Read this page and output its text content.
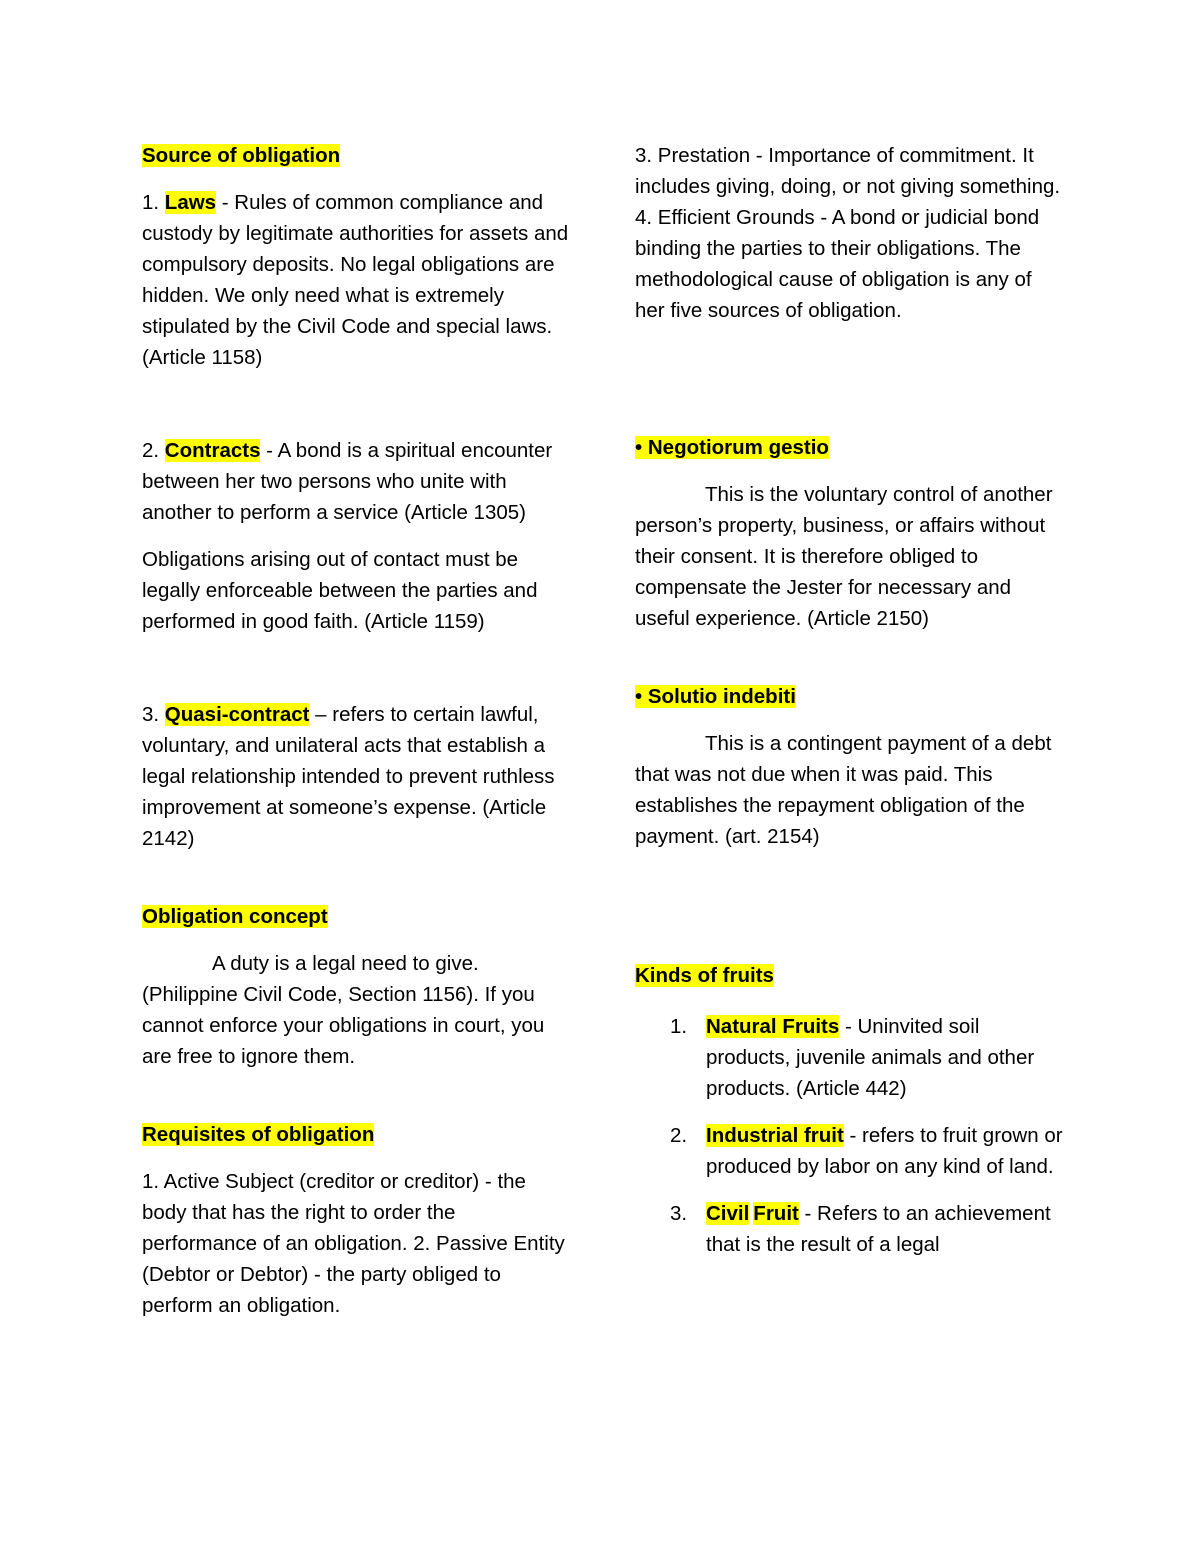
Source of obligation

1. Laws - Rules of common compliance and custody by legitimate authorities for assets and compulsory deposits. No legal obligations are hidden. We only need what is extremely stipulated by the Civil Code and special laws. (Article 1158)

2. Contracts - A bond is a spiritual encounter between her two persons who unite with another to perform a service (Article 1305)

Obligations arising out of contact must be legally enforceable between the parties and performed in good faith. (Article 1159)

3. Quasi-contract – refers to certain lawful, voluntary, and unilateral acts that establish a legal relationship intended to prevent ruthless improvement at someone’s expense. (Article 2142)

Obligation concept

A duty is a legal need to give. (Philippine Civil Code, Section 1156). If you cannot enforce your obligations in court, you are free to ignore them.

Requisites of obligation

1. Active Subject (creditor or creditor) - the body that has the right to order the performance of an obligation. 2. Passive Entity (Debtor or Debtor) - the party obliged to perform an obligation.

3. Prestation - Importance of commitment. It includes giving, doing, or not giving something. 4. Efficient Grounds - A bond or judicial bond binding the parties to their obligations. The methodological cause of obligation is any of her five sources of obligation.

• Negotiorum gestio

This is the voluntary control of another person’s property, business, or affairs without their consent. It is therefore obliged to compensate the Jester for necessary and useful experience. (Article 2150)

• Solutio indebiti

This is a contingent payment of a debt that was not due when it was paid. This establishes the repayment obligation of the payment. (art. 2154)

Kinds of fruits

1. Natural Fruits - Uninvited soil products, juvenile animals and other products. (Article 442)
2. Industrial fruit - refers to fruit grown or produced by labor on any kind of land.
3. Civil Fruit - Refers to an achievement that is the result of a legal
